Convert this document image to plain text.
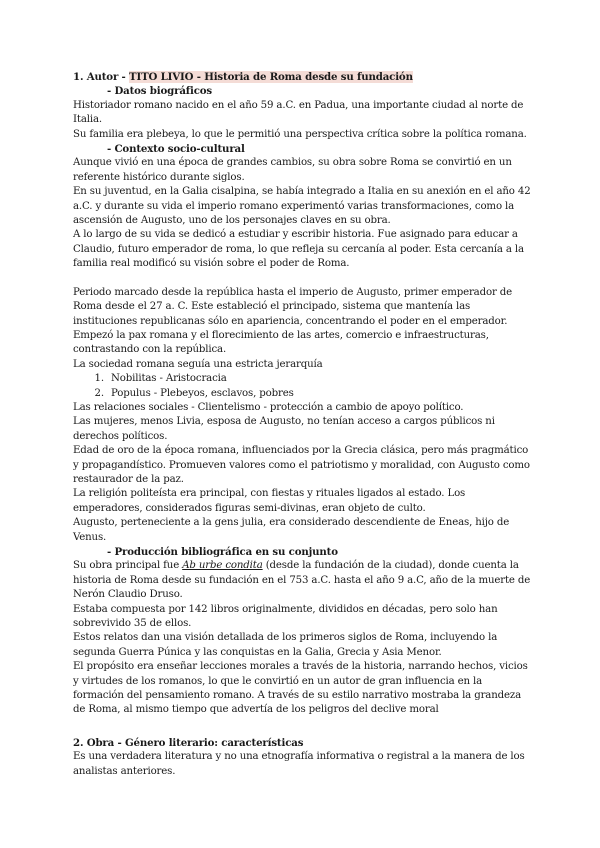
1. Autor - TITO LIVIO - Historia de Roma desde su fundación

- Datos biográficos

Historiador romano nacido en el año 59 a.C. en Padua, una importante ciudad al norte de Italia.

Su familia era plebeya, lo que le permitió una perspectiva crítica sobre la política romana.

- Contexto socio-cultural

Aunque vivió en una época de grandes cambios, su obra sobre Roma se convirtió en un referente histórico durante siglos.

En su juventud, en la Galia cisalpina, se había integrado a Italia en su anexión en el año 42 a.C. y durante su vida el imperio romano experimentó varias transformaciones, como la ascensión de Augusto, uno de los personajes claves en su obra.

A lo largo de su vida se dedicó a estudiar y escribir historia. Fue asignado para educar a Claudio, futuro emperador de roma, lo que refleja su cercanía al poder. Esta cercanía a la familia real modificó su visión sobre el poder de Roma.

Periodo marcado desde la república hasta el imperio de Augusto, primer emperador de Roma desde el 27 a. C. Este estableció el principado, sistema que mantenía las instituciones republicanas sólo en apariencia, concentrando el poder en el emperador.

Empezó la pax romana y el florecimiento de las artes, comercio e infraestructuras, contrastando con la república.

La sociedad romana seguía una estricta jerarquía

1. Nobilitas - Aristocracia
2. Populus - Plebeyos, esclavos, pobres

Las relaciones sociales - Clientelismo - protección a cambio de apoyo político.

Las mujeres, menos Livia, esposa de Augusto, no tenían acceso a cargos públicos ni derechos políticos.

Edad de oro de la época romana, influenciados por la Grecia clásica, pero más pragmático y propagandístico. Promueven valores como el patriotismo y moralidad, con Augusto como restaurador de la paz.

La religión politeísta era principal, con fiestas y rituales ligados al estado. Los emperadores, considerados figuras semi-divinas, eran objeto de culto.

Augusto, perteneciente a la gens julia, era considerado descendiente de Eneas, hijo de Venus.

- Producción bibliográfica en su conjunto

Su obra principal fue Ab urbe condita (desde la fundación de la ciudad), donde cuenta la historia de Roma desde su fundación en el 753 a.C. hasta el año 9 a.C, año de la muerte de Nerón Claudio Druso.

Estaba compuesta por 142 libros originalmente, divididos en décadas, pero solo han sobrevivido 35 de ellos.

Estos relatos dan una visión detallada de los primeros siglos de Roma, incluyendo la segunda Guerra Púnica y las conquistas en la Galia, Grecia y Asia Menor.

El propósito era enseñar lecciones morales a través de la historia, narrando hechos, vicios y virtudes de los romanos, lo que le convirtió en un autor de gran influencia en la formación del pensamiento romano. A través de su estilo narrativo mostraba la grandeza de Roma, al mismo tiempo que advertía de los peligros del declive moral

2. Obra - Género literario: características

Es una verdadera literatura y no una etnografía informativa o registral a la manera de los analistas anteriores.
